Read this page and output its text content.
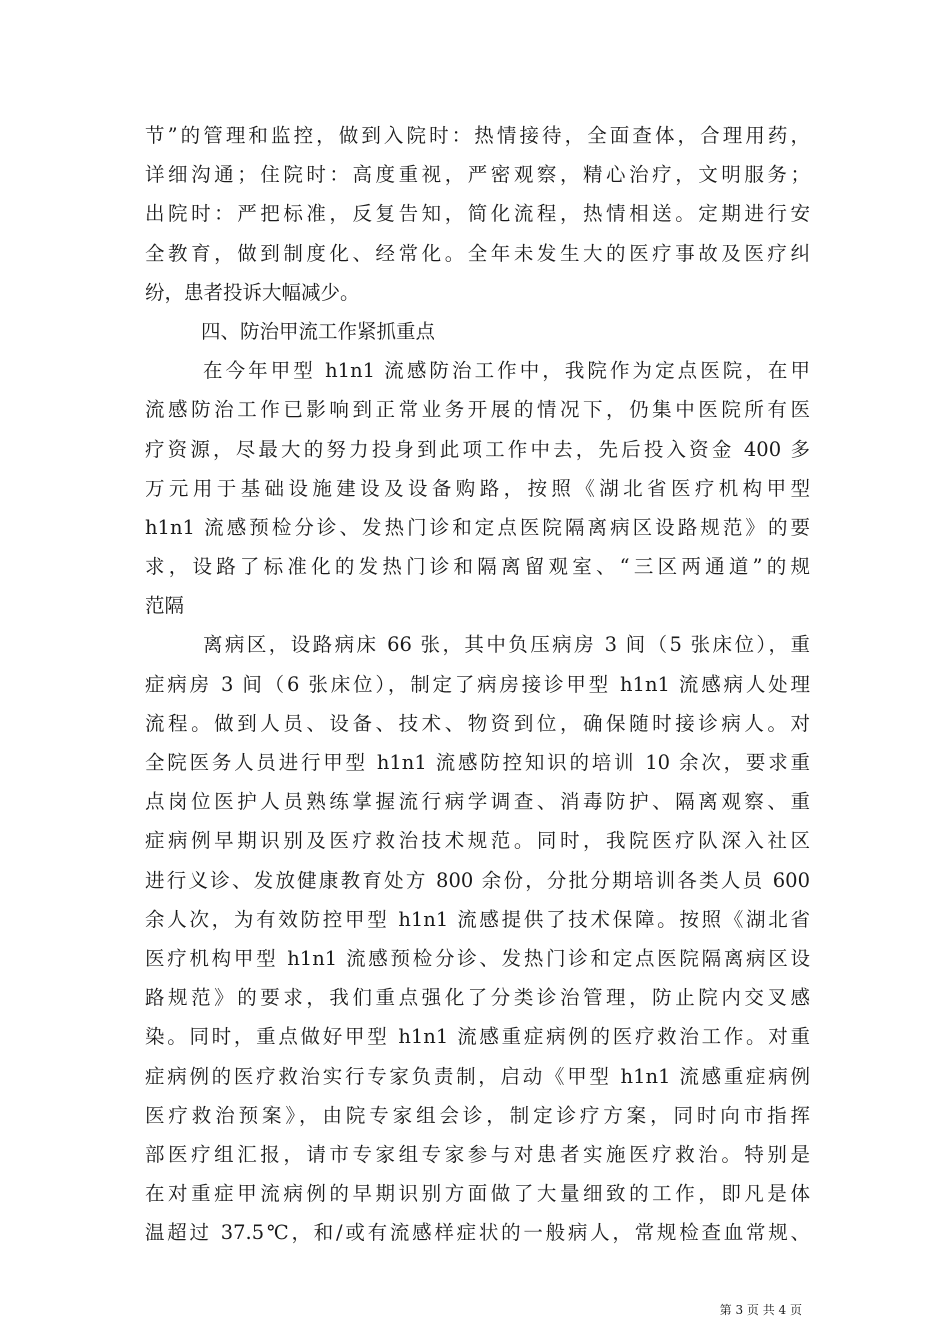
节”的管理和监控，做到入院时：热情接待，全面查体，合理用药，
详细沟通；住院时：高度重视，严密观察，精心治疗，文明服务；
出院时：严把标准，反复告知，简化流程，热情相送。定期进行安
全教育，做到制度化、经常化。全年未发生大的医疗事故及医疗纠
纷，患者投诉大幅减少。
四、防治甲流工作紧抓重点
在今年甲型 h1n1 流感防治工作中，我院作为定点医院，在甲
流感防治工作已影响到正常业务开展的情况下，仍集中医院所有医
疗资源，尽最大的努力投身到此项工作中去，先后投入资金 400 多
万元用于基础设施建设及设备购路，按照《湖北省医疗机构甲型
h1n1 流感预检分诊、发热门诊和定点医院隔离病区设路规范》的要
求，设路了标准化的发热门诊和隔离留观室、“三区两通道”的规
范隔
离病区，设路病床 66 张，其中负压病房 3 间（5 张床位），重
症病房 3 间（6 张床位），制定了病房接诊甲型 h1n1 流感病人处理
流程。做到人员、设备、技术、物资到位，确保随时接诊病人。对
全院医务人员进行甲型 h1n1 流感防控知识的培训 10 余次，要求重
点岗位医护人员熟练掌握流行病学调查、消毒防护、隔离观察、重
症病例早期识别及医疗救治技术规范。同时，我院医疗队深入社区
进行义诊、发放健康教育处方 800 余份，分批分期培训各类人员 600
余人次，为有效防控甲型 h1n1 流感提供了技术保障。按照《湖北省
医疗机构甲型 h1n1 流感预检分诊、发热门诊和定点医院隔离病区设
路规范》的要求，我们重点强化了分类诊治管理，防止院内交叉感
染。同时，重点做好甲型 h1n1 流感重症病例的医疗救治工作。对重
症病例的医疗救治实行专家负责制，启动《甲型 h1n1 流感重症病例
医疗救治预案》，由院专家组会诊，制定诊疗方案，同时向市指挥
部医疗组汇报，请市专家组专家参与对患者实施医疗救治。特别是
在对重症甲流病例的早期识别方面做了大量细致的工作，即凡是体
温超过 37.5℃，和/或有流感样症状的一般病人，常规检查血常规、
第 3 页 共 4 页
